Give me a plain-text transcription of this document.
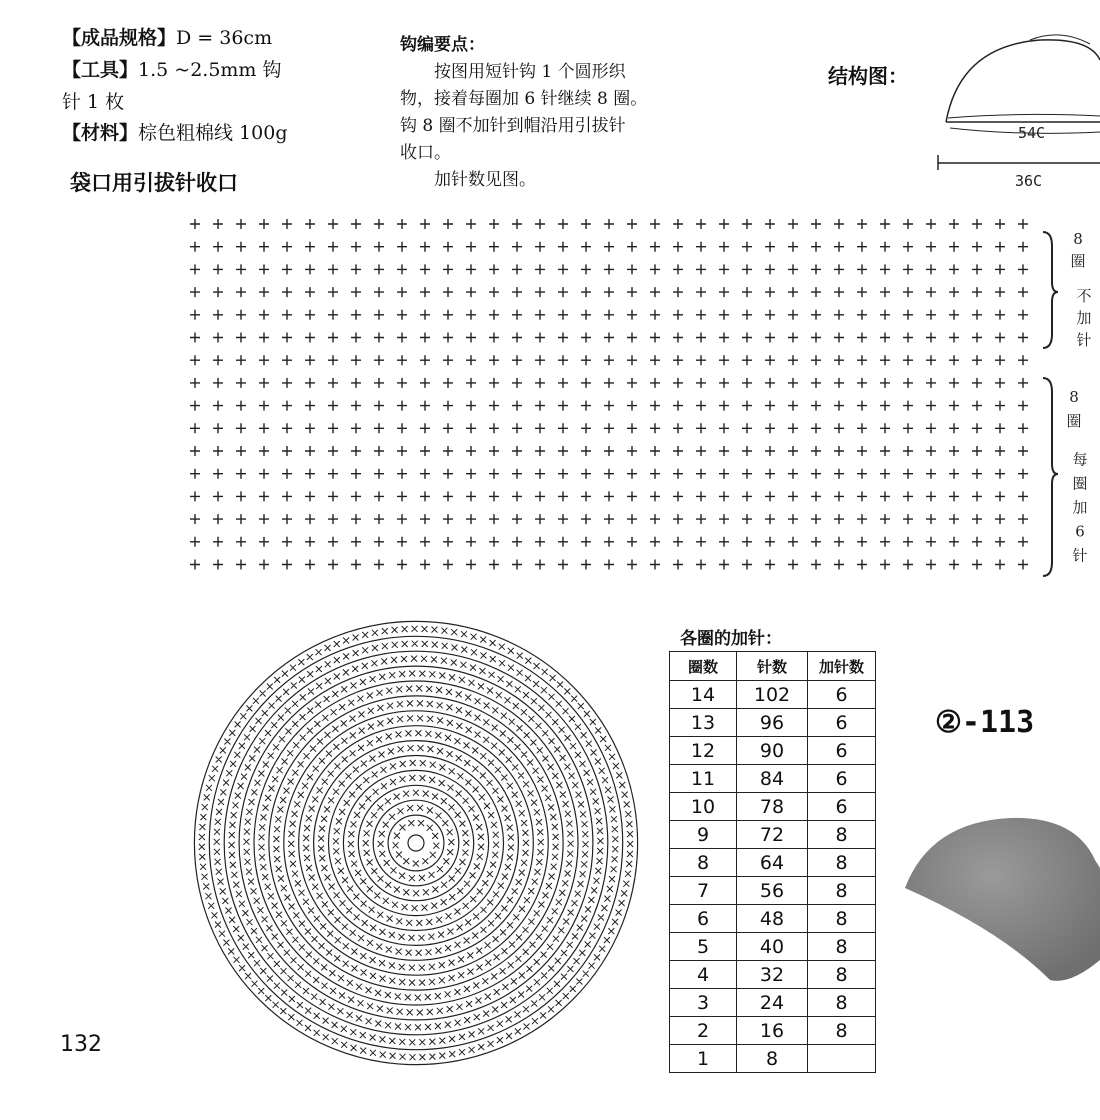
【成品规格】D = 36cm
【工具】1.5 ~2.5mm 钩
针 1 枚
【材料】棕色粗棉线 100g
袋口用引拔针收口
钩编要点：
按图用短针钩 1 个圆形织
物，接着每圈加 6 针继续 8 圈。
钩 8 圈不加针到帽沿用引拔针
收口。
加针数见图。
结构图：
54C
36C
8 圈不加针
8 圈每圈加 6 针
各圈的加针：
圈数	针数	加针数
14	102	6
13	96	6
12	90	6
11	84	6
10	78	6
9	72	8
8	64	8
7	56	8
6	48	8
5	40	8
4	32	8
3	24	8
2	16	8
1	8	
②-113
132
